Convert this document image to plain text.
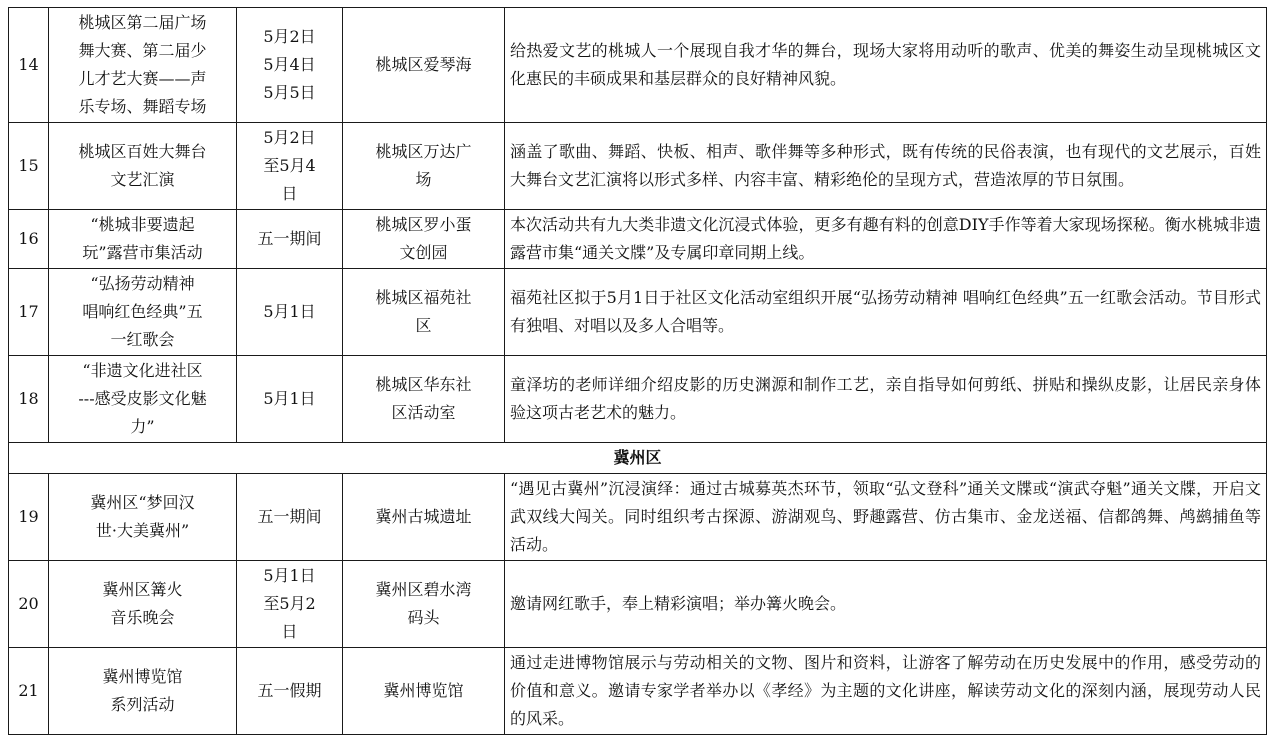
14	桃城区第二届广场
舞大赛、第二届少
儿才艺大赛——声
乐专场、舞蹈专场	5月2日
5月4日
5月5日	桃城区爱琴海	给热爱文艺的桃城人一个展现自我才华的舞台，现场大家将用动听的歌声、优美的舞姿生动呈现桃城区文化惠民的丰硕成果和基层群众的良好精神风貌。
15	桃城区百姓大舞台
文艺汇演	5月2日
至5月4
日	桃城区万达广
场	涵盖了歌曲、舞蹈、快板、相声、歌伴舞等多种形式，既有传统的民俗表演，也有现代的文艺展示，百姓大舞台文艺汇演将以形式多样、内容丰富、精彩绝伦的呈现方式，营造浓厚的节日氛围。
16	“桃城非要遗起
玩”露营市集活动	五一期间	桃城区罗小蛋
文创园	本次活动共有九大类非遗文化沉浸式体验，更多有趣有料的创意DIY手作等着大家现场探秘。衡水桃城非遗露营市集“通关文牒”及专属印章同期上线。
17	“弘扬劳动精神
唱响红色经典”五
一红歌会	5月1日	桃城区福苑社
区	福苑社区拟于5月1日于社区文化活动室组织开展“弘扬劳动精神 唱响红色经典”五一红歌会活动。节目形式有独唱、对唱以及多人合唱等。
18	“非遗文化进社区
---感受皮影文化魅
力”	5月1日	桃城区华东社
区活动室	童泽坊的老师详细介绍皮影的历史渊源和制作工艺，亲自指导如何剪纸、拼贴和操纵皮影，让居民亲身体验这项古老艺术的魅力。
冀州区				
19	冀州区“梦回汉
世·大美冀州”	五一期间	冀州古城遗址	“遇见古冀州”沉浸演绎：通过古城募英杰环节，领取“弘文登科”通关文牒或“演武夺魁”通关文牒，开启文武双线大闯关。同时组织考古探源、游湖观鸟、野趣露营、仿古集市、金龙送福、信都鸽舞、鸬鹚捕鱼等活动。
20	冀州区篝火
音乐晚会	5月1日
至5月2
日	冀州区碧水湾
码头	邀请网红歌手，奉上精彩演唱；举办篝火晚会。
21	冀州博览馆
系列活动	五一假期	冀州博览馆	通过走进博物馆展示与劳动相关的文物、图片和资料，让游客了解劳动在历史发展中的作用，感受劳动的价值和意义。邀请专家学者举办以《孝经》为主题的文化讲座，解读劳动文化的深刻内涵，展现劳动人民的风采。
